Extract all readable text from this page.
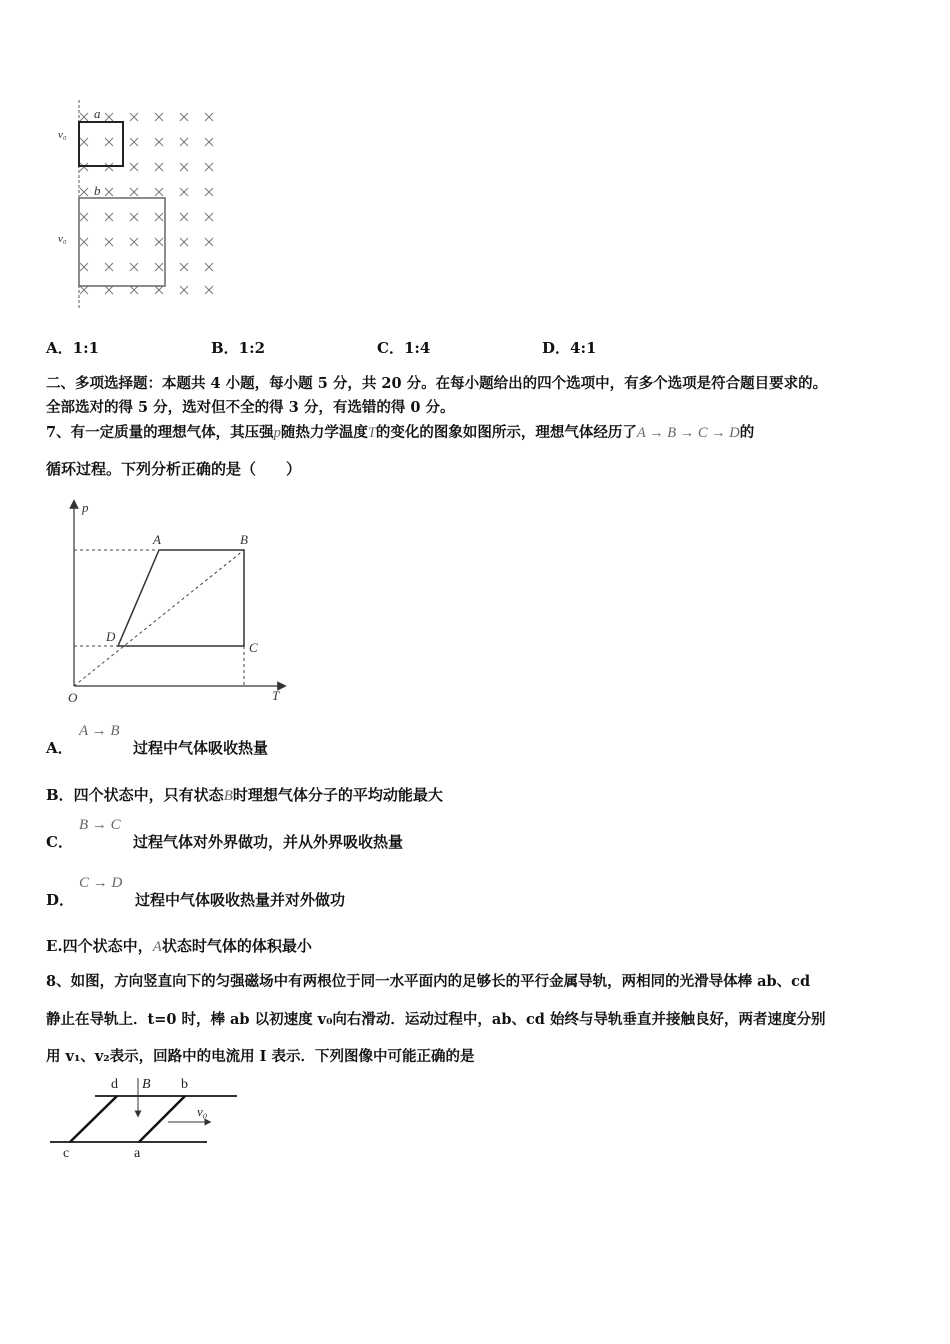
a
b
v₀
v₀
A．1:1	B．1:2	C．1:4	D．4:1
二、多项选择题：本题共 4 小题，每小题 5 分，共 20 分。在每小题给出的四个选项中，有多个选项是符合题目要求的。
全部选对的得 5 分，选对但不全的得 3 分，有选错的得 0 分。
7、有一定质量的理想气体，其压强p随热力学温度T的变化的图象如图所示，理想气体经历了A → B → C → D的
循环过程。下列分析正确的是（　　）
p
T
O
A	B
C
D
A．
A → B
过程中气体吸收热量
B．四个状态中，只有状态B时理想气体分子的平均动能最大
C．
B → C
过程气体对外界做功，并从外界吸收热量
D．
C → D
过程中气体吸收热量并对外做功
E.四个状态中，A状态时气体的体积最小
8、如图，方向竖直向下的匀强磁场中有两根位于同一水平面内的足够长的平行金属导轨，两相同的光滑导体棒 ab、cd
静止在导轨上．t=0 时，棒 ab 以初速度 v₀向右滑动．运动过程中，ab、cd 始终与导轨垂直并接触良好，两者速度分别
用 v₁、v₂表示，回路中的电流用 I 表示．下列图像中可能正确的是
d B b
v₀
c	a
